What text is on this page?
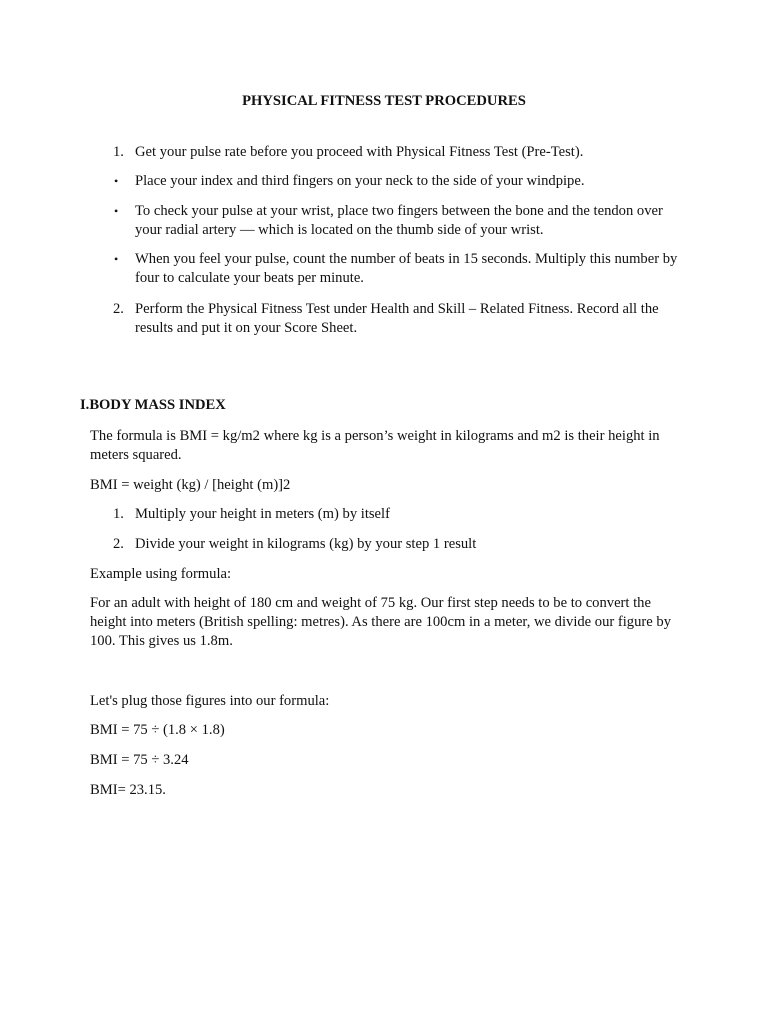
PHYSICAL FITNESS TEST PROCEDURES
1. Get your pulse rate before you proceed with Physical Fitness Test (Pre-Test).
• Place your index and third fingers on your neck to the side of your windpipe.
• To check your pulse at your wrist, place two fingers between the bone and the tendon over your radial artery — which is located on the thumb side of your wrist.
• When you feel your pulse, count the number of beats in 15 seconds. Multiply this number by four to calculate your beats per minute.
2. Perform the Physical Fitness Test under Health and Skill – Related Fitness. Record all the results and put it on your Score Sheet.
I.BODY MASS INDEX

The formula is BMI = kg/m2 where kg is a person’s weight in kilograms and m2 is their height in meters squared.

BMI = weight (kg) / [height (m)]2

1. Multiply your height in meters (m) by itself
2. Divide your weight in kilograms (kg) by your step 1 result

Example using formula:

For an adult with height of 180 cm and weight of 75 kg. Our first step needs to be to convert the height into meters (British spelling: metres). As there are 100cm in a meter, we divide our figure by 100. This gives us 1.8m.

Let's plug those figures into our formula:

BMI = 75 ÷ (1.8 × 1.8)

BMI = 75 ÷ 3.24

BMI= 23.15.
